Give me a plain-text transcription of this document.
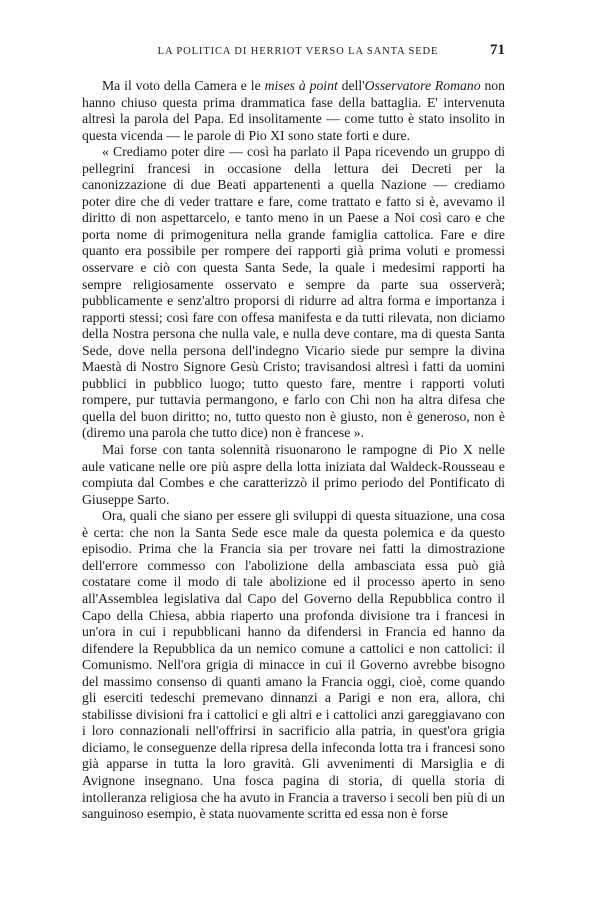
LA POLITICA DI HERRIOT VERSO LA SANTA SEDE	71

Ma il voto della Camera e le mises à point dell'Osservatore Romano non hanno chiuso questa prima drammatica fase della battaglia. E' intervenuta altresì la parola del Papa. Ed insolitamente — come tutto è stato insolito in questa vicenda — le parole di Pio XI sono state forti e dure.

« Crediamo poter dire — così ha parlato il Papa ricevendo un gruppo di pellegrini francesi in occasione della lettura dei Decreti per la canonizzazione di due Beati appartenenti a quella Nazione — crediamo poter dire che di veder trattare e fare, come trattato e fatto si è, avevamo il diritto di non aspettarcelo, e tanto meno in un Paese a Noi così caro e che porta nome di primogenitura nella grande famiglia cattolica. Fare e dire quanto era possibile per rompere dei rapporti già prima voluti e promessi osservare e ciò con questa Santa Sede, la quale i medesimi rapporti ha sempre religiosamente osservato e sempre da parte sua osserverà; pubblicamente e senz'altro proporsi di ridurre ad altra forma e importanza i rapporti stessi; così fare con offesa manifesta e da tutti rilevata, non diciamo della Nostra persona che nulla vale, e nulla deve contare, ma di questa Santa Sede, dove nella persona dell'indegno Vicario siede pur sempre la divina Maestà di Nostro Signore Gesù Cristo; travisandosi altresì i fatti da uomini pubblici in pubblico luogo; tutto questo fare, mentre i rapporti voluti rompere, pur tuttavia permangono, e farlo con Chi non ha altra difesa che quella del buon diritto; no, tutto questo non è giusto, non è generoso, non è (diremo una parola che tutto dice) non è francese ».

Mai forse con tanta solennità risuonarono le rampogne di Pio X nelle aule vaticane nelle ore più aspre della lotta iniziata dal Waldeck-Rousseau e compiuta dal Combes e che caratterizzò il primo periodo del Pontificato di Giuseppe Sarto.

Ora, quali che siano per essere gli sviluppi di questa situazione, una cosa è certa: che non la Santa Sede esce male da questa polemica e da questo episodio. Prima che la Francia sia per trovare nei fatti la dimostrazione dell'errore commesso con l'abolizione della ambasciata essa può già costatare come il modo di tale abolizione ed il processo aperto in seno all'Assemblea legislativa dal Capo del Governo della Repubblica contro il Capo della Chiesa, abbia riaperto una profonda divisione tra i francesi in un'ora in cui i repubblicani hanno da difendersi in Francia ed hanno da difendere la Repubblica da un nemico comune a cattolici e non cattolici: il Comunismo. Nell'ora grigia di minacce in cui il Governo avrebbe bisogno del massimo consenso di quanti amano la Francia oggi, cioè, come quando gli eserciti tedeschi premevano dinnanzi a Parigi e non era, allora, chi stabilisse divisioni fra i cattolici e gli altri e i cattolici anzi gareggiavano con i loro connazionali nell'offrirsi in sacrificio alla patria, in quest'ora grigia diciamo, le conseguenze della ripresa della infeconda lotta tra i francesi sono già apparse in tutta la loro gravità. Gli avvenimenti di Marsiglia e di Avignone insegnano. Una fosca pagina di storia, di quella storia di intolleranza religiosa che ha avuto in Francia a traverso i secoli ben più di un sanguinoso esempio, è stata nuovamente scritta ed essa non è forse
